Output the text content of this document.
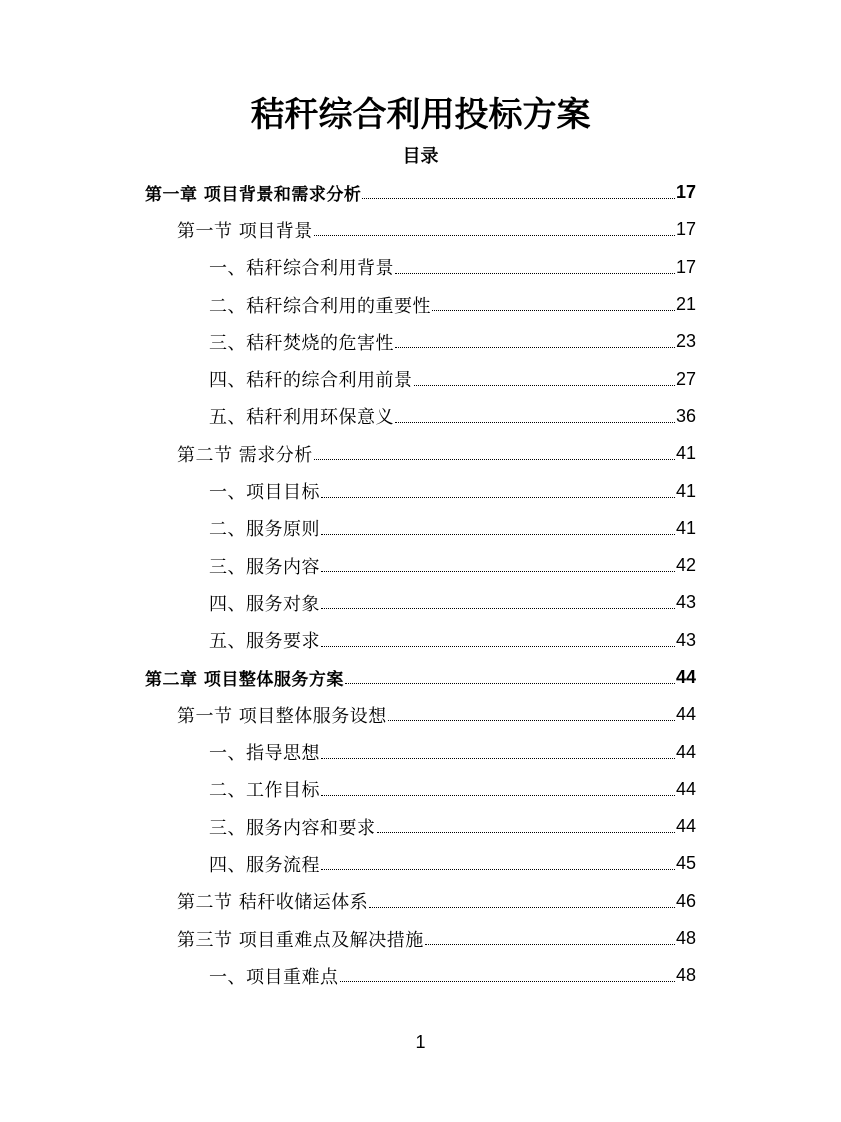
秸秆综合利用投标方案
目录
第一章 项目背景和需求分析	17
第一节 项目背景	17
一、秸秆综合利用背景	17
二、秸秆综合利用的重要性	21
三、秸秆焚烧的危害性	23
四、秸秆的综合利用前景	27
五、秸秆利用环保意义	36
第二节 需求分析	41
一、项目目标	41
二、服务原则	41
三、服务内容	42
四、服务对象	43
五、服务要求	43
第二章 项目整体服务方案	44
第一节 项目整体服务设想	44
一、指导思想	44
二、工作目标	44
三、服务内容和要求	44
四、服务流程	45
第二节 秸秆收储运体系	46
第三节 项目重难点及解决措施	48
一、项目重难点	48
1
